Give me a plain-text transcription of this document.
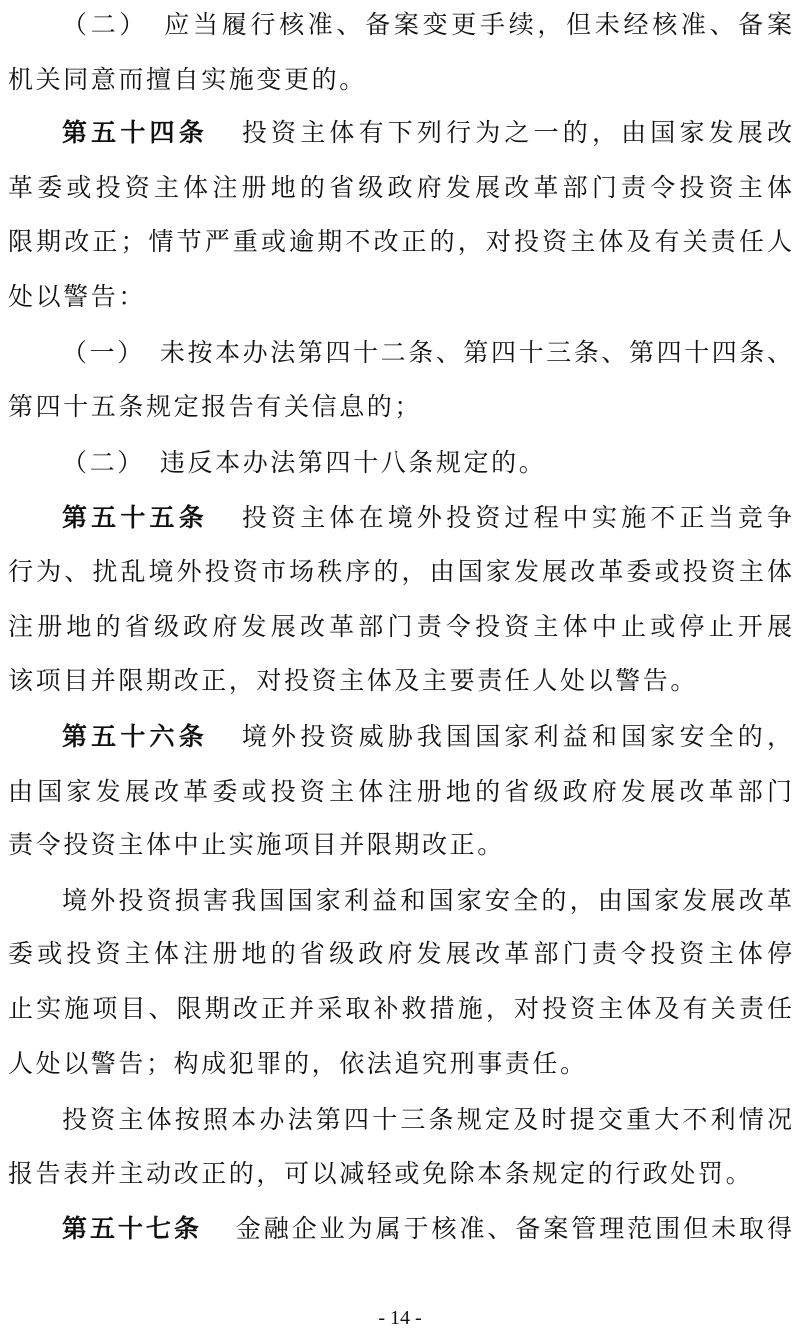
（二）　应当履行核准、备案变更手续，但未经核准、备案
机关同意而擅自实施变更的。
第五十四条 投资主体有下列行为之一的，由国家发展改
革委或投资主体注册地的省级政府发展改革部门责令投资主体
限期改正；情节严重或逾期不改正的，对投资主体及有关责任人
处以警告：
（一）　未按本办法第四十二条、第四十三条、第四十四条、
第四十五条规定报告有关信息的；
（二）　违反本办法第四十八条规定的。
第五十五条 投资主体在境外投资过程中实施不正当竞争
行为、扰乱境外投资市场秩序的，由国家发展改革委或投资主体
注册地的省级政府发展改革部门责令投资主体中止或停止开展
该项目并限期改正，对投资主体及主要责任人处以警告。
第五十六条 境外投资威胁我国国家利益和国家安全的，
由国家发展改革委或投资主体注册地的省级政府发展改革部门
责令投资主体中止实施项目并限期改正。
境外投资损害我国国家利益和国家安全的，由国家发展改革
委或投资主体注册地的省级政府发展改革部门责令投资主体停
止实施项目、限期改正并采取补救措施，对投资主体及有关责任
人处以警告；构成犯罪的，依法追究刑事责任。
投资主体按照本办法第四十三条规定及时提交重大不利情况
报告表并主动改正的，可以减轻或免除本条规定的行政处罚。
第五十七条 金融企业为属于核准、备案管理范围但未取得
- 14 -
